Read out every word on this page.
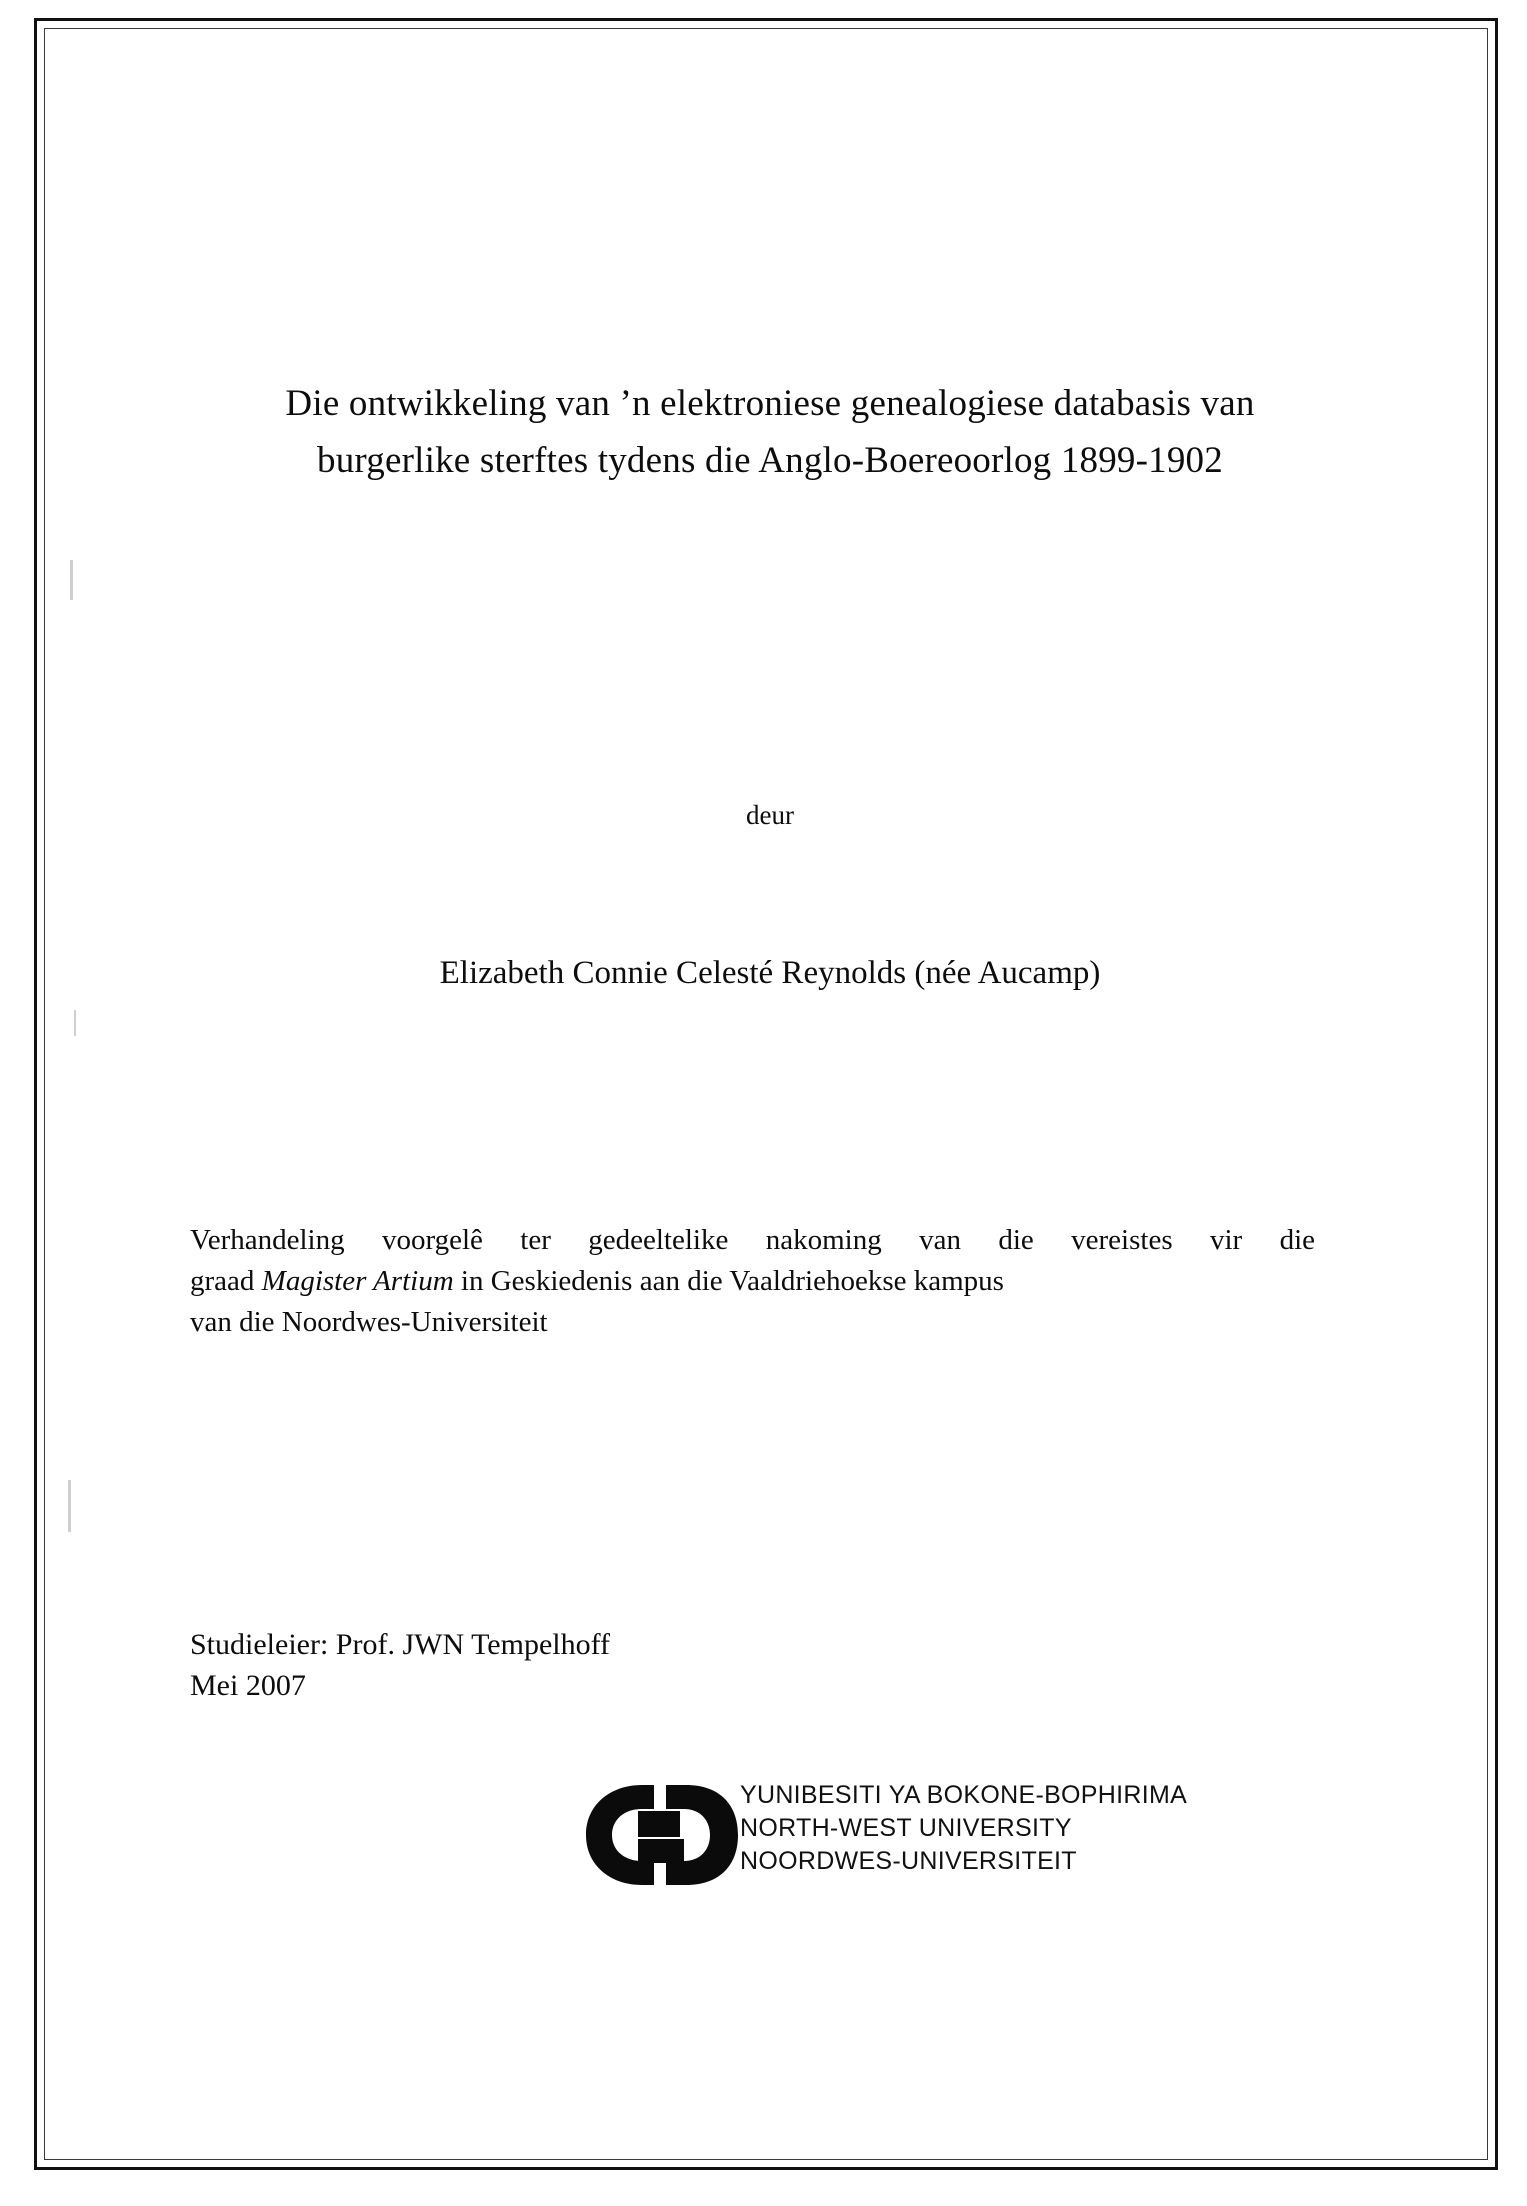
Die ontwikkeling van ’n elektroniese genealogiese databasis van
burgerlike sterftes tydens die Anglo-Boereoorlog 1899-1902
deur
Elizabeth Connie Celesté Reynolds (née Aucamp)

Verhandeling voorgelê ter gedeeltelike nakoming van die vereistes vir die

graad Magister Artium in Geskiedenis aan die Vaaldriehoekse kampus

van die Noordwes-Universiteit

Studieleier: Prof. JWN Tempelhoff

Mei 2007

YUNIBESITI YA BOKONE-BOPHIRIMA
NORTH-WEST UNIVERSITY
NOORDWES-UNIVERSITEIT
